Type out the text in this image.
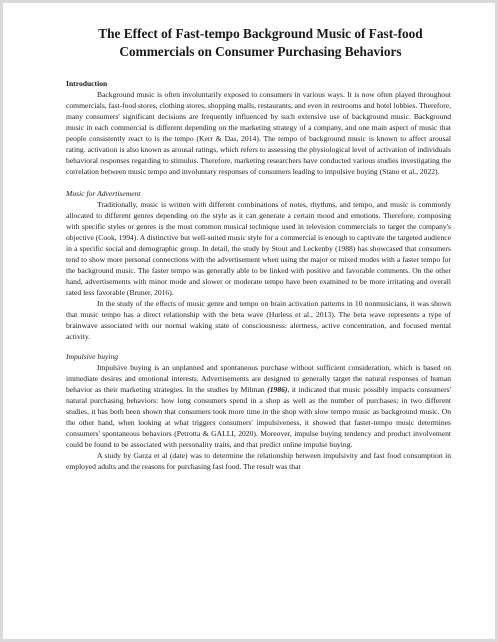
The Effect of Fast-tempo Background Music of Fast-food
Commercials on Consumer Purchasing Behaviors
Introduction

Background music is often involuntarily exposed to consumers in various ways. It is now often played throughout commercials, fast-food stores, clothing stores, shopping malls, restaurants, and even in restrooms and hotel lobbies. Therefore, many consumers' significant decisions are frequently influenced by such extensive use of background music. Background music in each commercial is different depending on the marketing strategy of a company, and one main aspect of music that people consistently react to is the tempo (Kerr & Das, 2014). The tempo of background music is known to affect arousal rating. activation is also known as arousal ratings, which refers to assessing the physiological level of activation of individuals behavioral responses regarding to stimulus. Therefore, marketing researchers have conducted various studies investigating the correlation between music tempo and involuntary responses of consumers leading to impulsive buying (Stano et al., 2022).

Music for Advertisement

Traditionally, music is written with different combinations of notes, rhythms, and tempo, and music is commonly allocated to different genres depending on the style as it can generate a certain mood and emotions. Therefore, composing with specific styles or genres is the most common musical technique used in television commercials to target the company's objective (Cook, 1994). A distinctive but well-suited music style for a commercial is enough to captivate the targeted audience in a specific social and demographic group. In detail, the study by Stout and Leckenby (1988) has showcased that consumers tend to show more personal connections with the advertisement when using the major or mixed modes with a faster tempo for the background music. The faster tempo was generally able to be linked with positive and favorable comments. On the other hand, advertisements with minor mode and slower or moderate tempo have been examined to be more irritating and overall rated less favorable (Bruner, 2016).

In the study of the effects of music genre and tempo on brain activation patterns in 10 nonmusicians, it was shown that music tempo has a direct relationship with the beta wave (Hurless et al., 2013). The beta wave represents a type of brainwave associated with our normal waking state of consciousness: alertness, active concentration, and focused mental activity.

Impulsive buying

Impulsive buying is an unplanned and spontaneous purchase without sufficient consideration, which is based on immediate desires and emotional interests. Advertisements are designed to generally target the natural responses of human behavior as their marketing strategies. In the studies by Milman (1986), it indicated that music possibly impacts consumers' natural purchasing behaviors: how long consumers spend in a shop as well as the number of purchases; in two different studies, it has both been shown that consumers took more time in the shop with slow tempo music as background music. On the other hand, when looking at what triggers consumers' impulsiveness, it showed that faster-tempo music determines consumers' spontaneous behaviors (Petrotta & GALLI, 2020). Moreover, impulse buying tendency and product involvement could be found to be associated with personality traits, and that predict online impulse buying.

A study by Garza et al (date) was to determine the relationship between impulsivity and fast food consumption in employed adults and the reasons for purchasing fast food. The result was that
